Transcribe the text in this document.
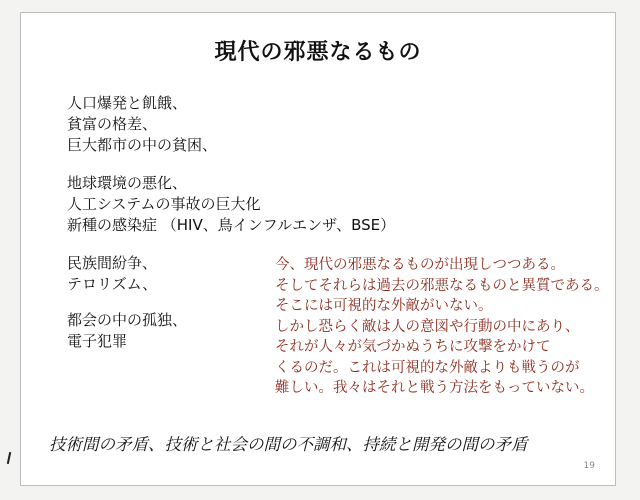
現代の邪悪なるもの
人口爆発と飢餓、
貧富の格差、
巨大都市の中の貧困、
地球環境の悪化、
人工システムの事故の巨大化
新種の感染症 （HIV、鳥インフルエンザ、BSE）
民族間紛争、
テロリズム、
都会の中の孤独、
電子犯罪
今、現代の邪悪なるものが出現しつつある。
そしてそれらは過去の邪悪なるものと異質である。
そこには可視的な外敵がいない。
しかし恐らく敵は人の意図や行動の中にあり、
それが人々が気づかぬうちに攻撃をかけて
くるのだ。これは可視的な外敵よりも戦うのが
難しい。我々はそれと戦う方法をもっていない。
技術間の矛盾、技術と社会の間の不調和、持続と開発の間の矛盾
19
